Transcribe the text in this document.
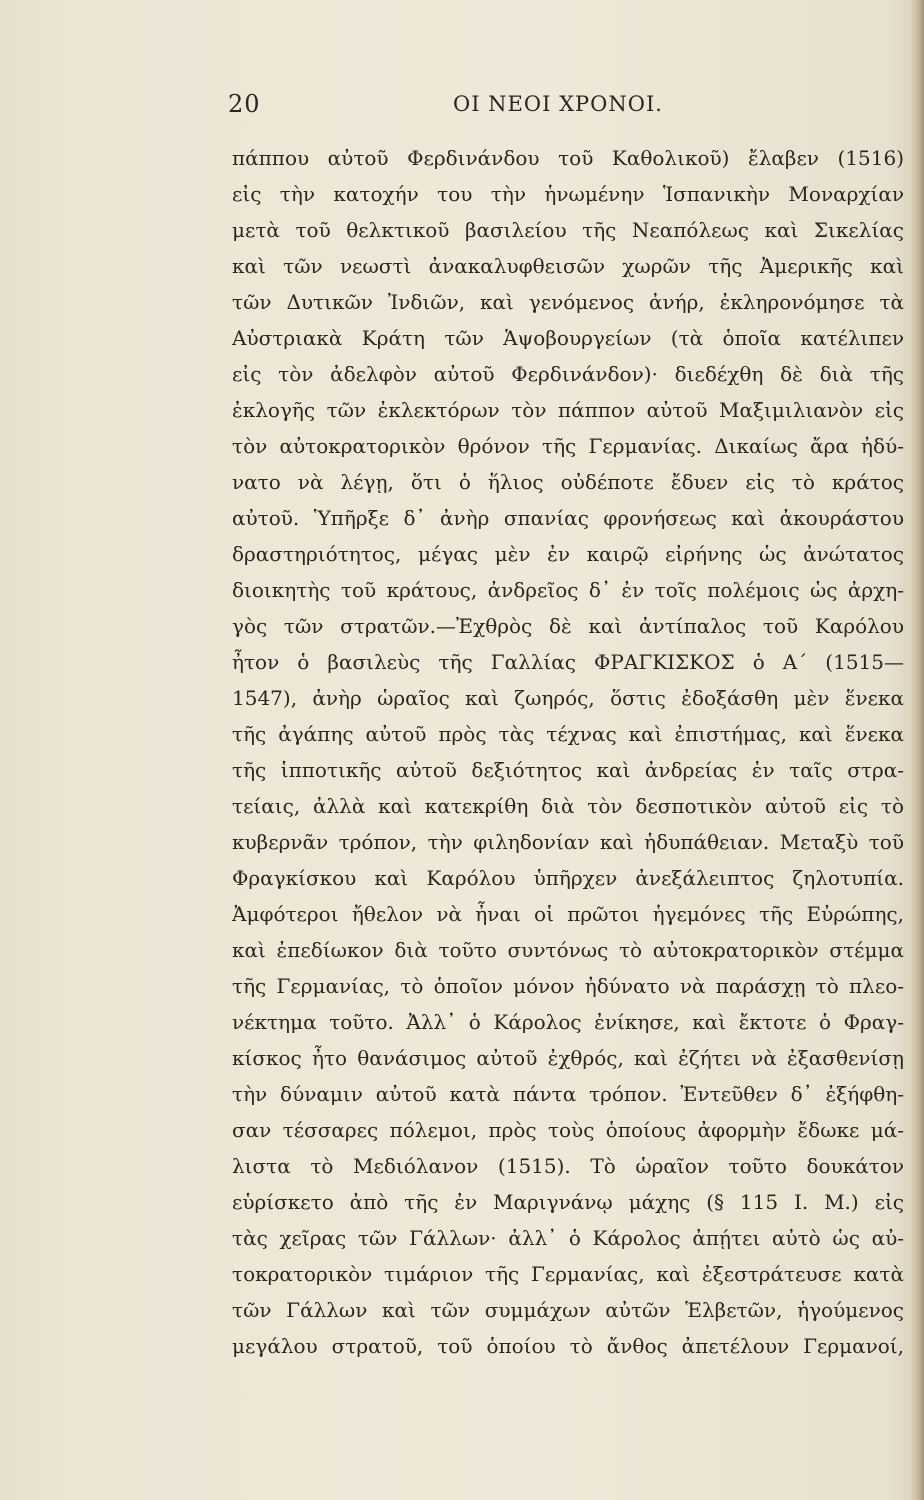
20	ΟΙ ΝΕΟΙ ΧΡΟΝΟΙ.
πάππου αὐτοῦ Φερδινάνδου τοῦ Καθολικοῦ) ἔλαβεν (1516)
εἰς τὴν κατοχήν του τὴν ἡνωμένην Ἱσπανικὴν Μοναρχίαν
μετὰ τοῦ θελκτικοῦ βασιλείου τῆς Νεαπόλεως καὶ Σικελίας
καὶ τῶν νεωστὶ ἀνακαλυφθεισῶν χωρῶν τῆς Ἀμερικῆς καὶ
τῶν Δυτικῶν Ἰνδιῶν, καὶ γενόμενος ἀνήρ, ἐκληρονόμησε τὰ
Αὐστριακὰ Κράτη τῶν Ἁψοβουργείων (τὰ ὁποῖα κατέλιπεν
εἰς τὸν ἀδελφὸν αὐτοῦ Φερδινάνδον)· διεδέχθη δὲ διὰ τῆς
ἐκλογῆς τῶν ἐκλεκτόρων τὸν πάππον αὐτοῦ Μαξιμιλιανὸν εἰς
τὸν αὐτοκρατορικὸν θρόνον τῆς Γερμανίας. Δικαίως ἄρα ἠδύ-
νατο νὰ λέγῃ, ὅτι ὁ ἥλιος οὐδέποτε ἔδυεν εἰς τὸ κράτος
αὐτοῦ. Ὑπῆρξε δ᾽ ἀνὴρ σπανίας φρονήσεως καὶ ἀκουράστου
δραστηριότητος, μέγας μὲν ἐν καιρῷ εἰρήνης ὡς ἀνώτατος
διοικητὴς τοῦ κράτους, ἀνδρεῖος δ᾽ ἐν τοῖς πολέμοις ὡς ἀρχη-
γὸς τῶν στρατῶν.—Ἐχθρὸς δὲ καὶ ἀντίπαλος τοῦ Καρόλου
ἦτον ὁ βασιλεὺς τῆς Γαλλίας ΦΡΑΓΚΙΣΚΟΣ ὁ Α´ (1515—
1547), ἀνὴρ ὡραῖος καὶ ζωηρός, ὅστις ἐδοξάσθη μὲν ἕνεκα
τῆς ἀγάπης αὐτοῦ πρὸς τὰς τέχνας καὶ ἐπιστήμας, καὶ ἕνεκα
τῆς ἱπποτικῆς αὐτοῦ δεξιότητος καὶ ἀνδρείας ἐν ταῖς στρα-
τείαις, ἀλλὰ καὶ κατεκρίθη διὰ τὸν δεσποτικὸν αὐτοῦ εἰς τὸ
κυβερνᾶν τρόπον, τὴν φιληδονίαν καὶ ἡδυπάθειαν. Μεταξὺ τοῦ
Φραγκίσκου καὶ Καρόλου ὑπῆρχεν ἀνεξάλειπτος ζηλοτυπία.
Ἀμφότεροι ἤθελον νὰ ἦναι οἱ πρῶτοι ἡγεμόνες τῆς Εὐρώπης,
καὶ ἐπεδίωκον διὰ τοῦτο συντόνως τὸ αὐτοκρατορικὸν στέμμα
τῆς Γερμανίας, τὸ ὁποῖον μόνον ἠδύνατο νὰ παράσχῃ τὸ πλεο-
νέκτημα τοῦτο. Ἀλλ᾽ ὁ Κάρολος ἐνίκησε, καὶ ἔκτοτε ὁ Φραγ-
κίσκος ἦτο θανάσιμος αὐτοῦ ἐχθρός, καὶ ἐζήτει νὰ ἐξασθενίσῃ
τὴν δύναμιν αὐτοῦ κατὰ πάντα τρόπον. Ἐντεῦθεν δ᾽ ἐξήφθη-
σαν τέσσαρες πόλεμοι, πρὸς τοὺς ὁποίους ἀφορμὴν ἔδωκε μά-
λιστα τὸ Μεδιόλανον (1515). Τὸ ὡραῖον τοῦτο δουκάτον
εὑρίσκετο ἀπὸ τῆς ἐν Μαριγνάνῳ μάχης (§ 115 Ι. Μ.) εἰς
τὰς χεῖρας τῶν Γάλλων· ἀλλ᾽ ὁ Κάρολος ἀπῄτει αὐτὸ ὡς αὐ-
τοκρατορικὸν τιμάριον τῆς Γερμανίας, καὶ ἐξεστράτευσε κατὰ
τῶν Γάλλων καὶ τῶν συμμάχων αὐτῶν Ἑλβετῶν, ἡγούμενος
μεγάλου στρατοῦ, τοῦ ὁποίου τὸ ἄνθος ἀπετέλουν Γερμανοί,
